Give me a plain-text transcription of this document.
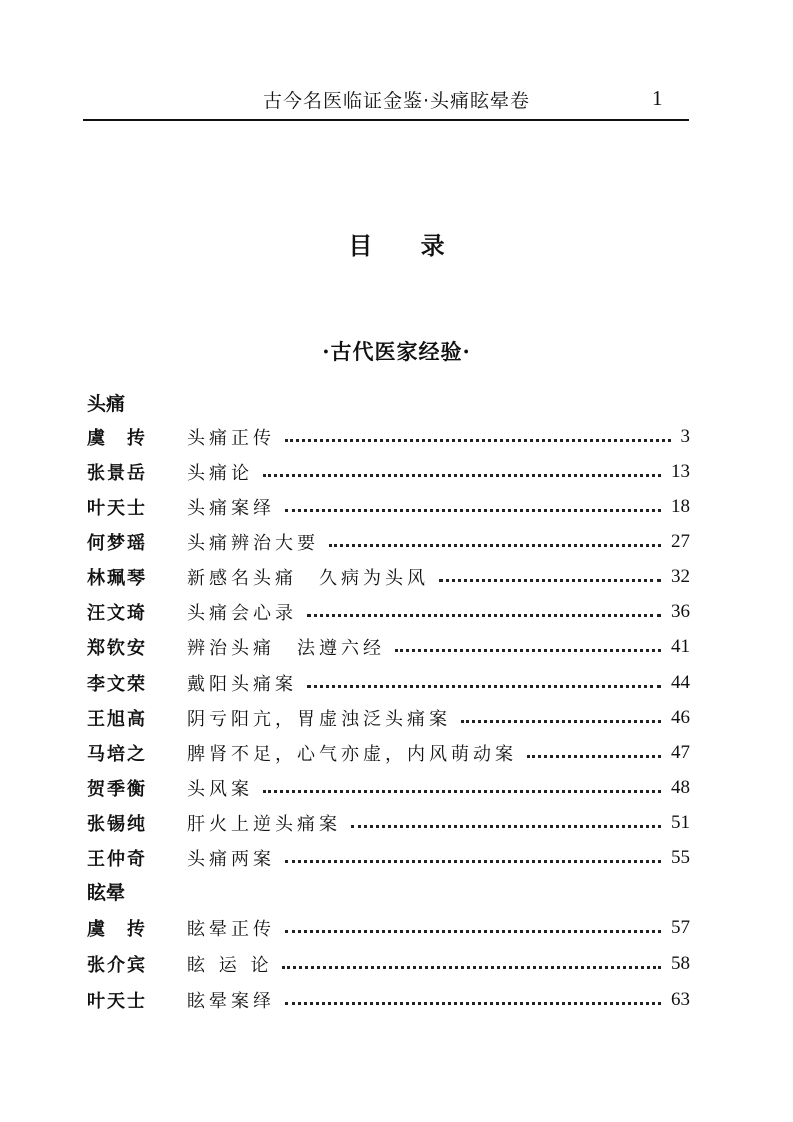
古今名医临证金鉴·头痛眩晕卷	1
目 录
·古代医家经验·
头痛
虞　抟	头痛正传	3
张景岳	头痛论	13
叶天士	头痛案绎	18
何梦瑶	头痛辨治大要	27
林珮琴	新感名头痛　久病为头风	32
汪文琦	头痛会心录	36
郑钦安	辨治头痛　法遵六经	41
李文荣	戴阳头痛案	44
王旭高	阴亏阳亢，胃虚浊泛头痛案	46
马培之	脾肾不足，心气亦虚，内风萌动案	47
贺季衡	头风案	48
张锡纯	肝火上逆头痛案	51
王仲奇	头痛两案	55
眩晕
虞　抟	眩晕正传	57
张介宾	眩 运 论	58
叶天士	眩晕案绎	63
